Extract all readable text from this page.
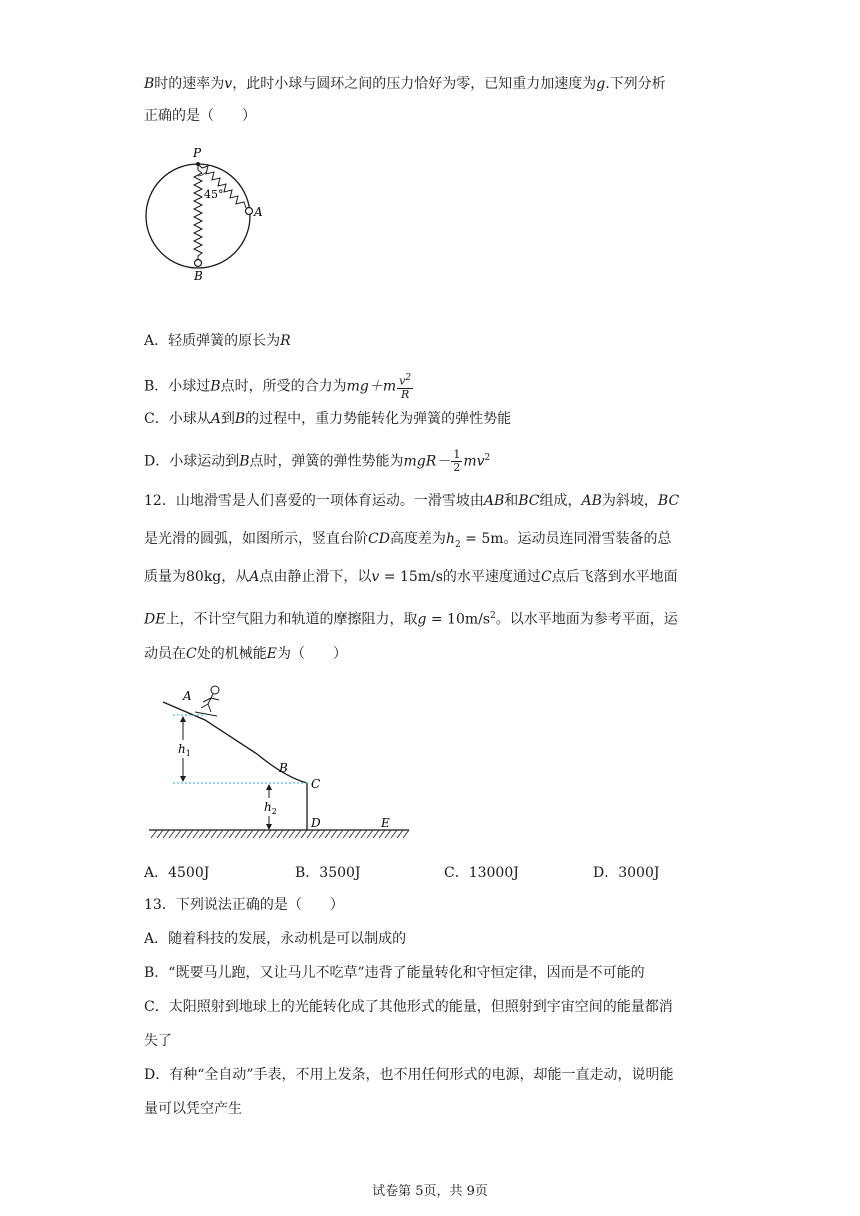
B时的速率为v，此时小球与圆环之间的压力恰好为零，已知重力加速度为g.下列分析
正确的是（　　）
P
45°
A
B
A．轻质弹簧的原长为R
B．小球过B点时，所受的合力为$mg+m \frac{v^2}{R}$
C．小球从A到B的过程中，重力势能转化为弹簧的弹性势能
D．小球运动到B点时，弹簧的弹性势能为$mgR- \frac{1}{2} mv^2$
12．山地滑雪是人们喜爱的一项体育运动。一滑雪坡由AB和BC组成，AB为斜坡，BC
是光滑的圆弧，如图所示，竖直台阶CD高度差为$h_2 = 5m$。运动员连同滑雪装备的总
质量为80kg，从A点由静止滑下，以v = 15m/s的水平速度通过C点后飞落到水平地面
DE上，不计空气阻力和轨道的摩擦阻力，取$g = 10m/s^2$。以水平地面为参考平面，运
动员在C处的机械能E为（　　）
$h_1$
$h_2$
A
B
C
D	E
A．4500J	B．3500J	C．13000J	D．3000J
13．下列说法正确的是（　　）
A．随着科技的发展，永动机是可以制成的
B．“既要马儿跑，又让马儿不吃草”违背了能量转化和守恒定律，因而是不可能的
C．太阳照射到地球上的光能转化成了其他形式的能量，但照射到宇宙空间的能量都消
失了
D．有种“全自动”手表，不用上发条，也不用任何形式的电源，却能一直走动，说明能
量可以凭空产生
试卷第 5页，共 9页
